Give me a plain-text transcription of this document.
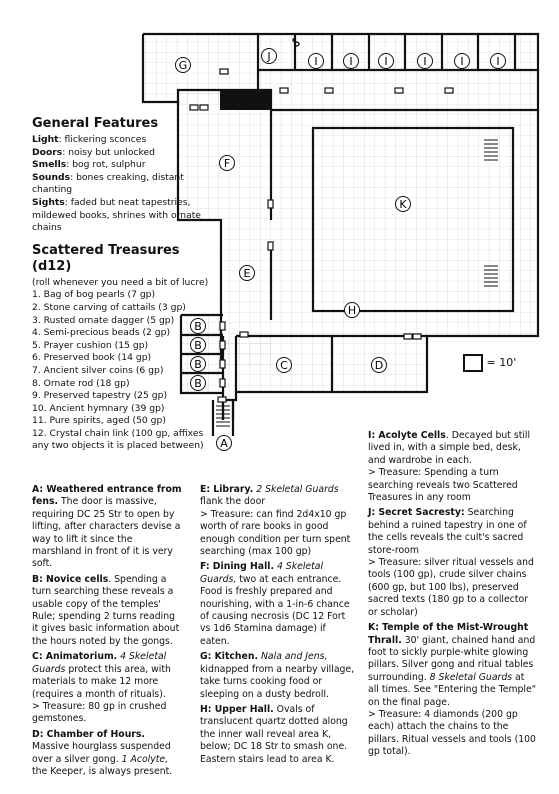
G
J	I	I	I	I	I	I
F
K
E
H
B
B
B
B
C	D
A
= 10'
General Features
Light: flickering sconces
Doors: noisy but unlocked
Smells: bog rot, sulphur
Sounds: bones creaking, distant chanting
Sights: faded but neat tapestries, mildewed books, shrines with ornate chains
Scattered Treasures (d12)
(roll whenever you need a bit of lucre)
1. Bag of bog pearls (7 gp)
2. Stone carving of cattails (3 gp)
3. Rusted ornate dagger (5 gp)
4. Semi-precious beads (2 gp)
5. Prayer cushion (15 gp)
6. Preserved book (14 gp)
7. Ancient silver coins (6 gp)
8. Ornate rod (18 gp)
9. Preserved tapestry (25 gp)
10. Ancient hymnary (39 gp)
11. Pure spirits, aged (50 gp)
12. Crystal chain link (100 gp, affixes any two objects it is placed between)

A: Weathered entrance from fens. The door is massive, requiring DC 25 Str to open by lifting, after characters devise a way to lift it since the marshland in front of it is very soft.

B: Novice cells. Spending a turn searching these reveals a usable copy of the temples' Rule; spending 2 turns reading it gives basic information about the hours noted by the gongs.

C: Animatorium. 4 Skeletal Guards protect this area, with materials to make 12 more (requires a month of rituals).
> Treasure: 80 gp in crushed gemstones.

D: Chamber of Hours. Massive hourglass suspended over a silver gong. 1 Acolyte, the Keeper, is always present.

E: Library. 2 Skeletal Guards flank the door
> Treasure: can find 2d4x10 gp worth of rare books in good enough condition per turn spent searching (max 100 gp)

F: Dining Hall. 4 Skeletal Guards, two at each entrance. Food is freshly prepared and nourishing, with a 1-in-6 chance of causing necrosis (DC 12 Fort vs 1d6 Stamina damage) if eaten.

G: Kitchen. Nala and Jens, kidnapped from a nearby village, take turns cooking food or sleeping on a dusty bedroll.

H: Upper Hall. Ovals of translucent quartz dotted along the inner wall reveal area K, below; DC 18 Str to smash one. Eastern stairs lead to area K.

I: Acolyte Cells. Decayed but still lived in, with a simple bed, desk, and wardrobe in each.
> Treasure: Spending a turn searching reveals two Scattered Treasures in any room

J: Secret Sacresty: Searching behind a ruined tapestry in one of the cells reveals the cult's sacred store-room
> Treasure: silver ritual vessels and tools (100 gp), crude silver chains (600 gp, but 100 lbs), preserved sacred texts (180 gp to a collector or scholar)

K: Temple of the Mist-Wrought Thrall. 30' giant, chained hand and foot to sickly purple-white glowing pillars. Silver gong and ritual tables surrounding. 8 Skeletal Guards at all times. See "Entering the Temple" on the final page.
> Treasure: 4 diamonds (200 gp each) attach the chains to the pillars. Ritual vessels and tools (100 gp total).
